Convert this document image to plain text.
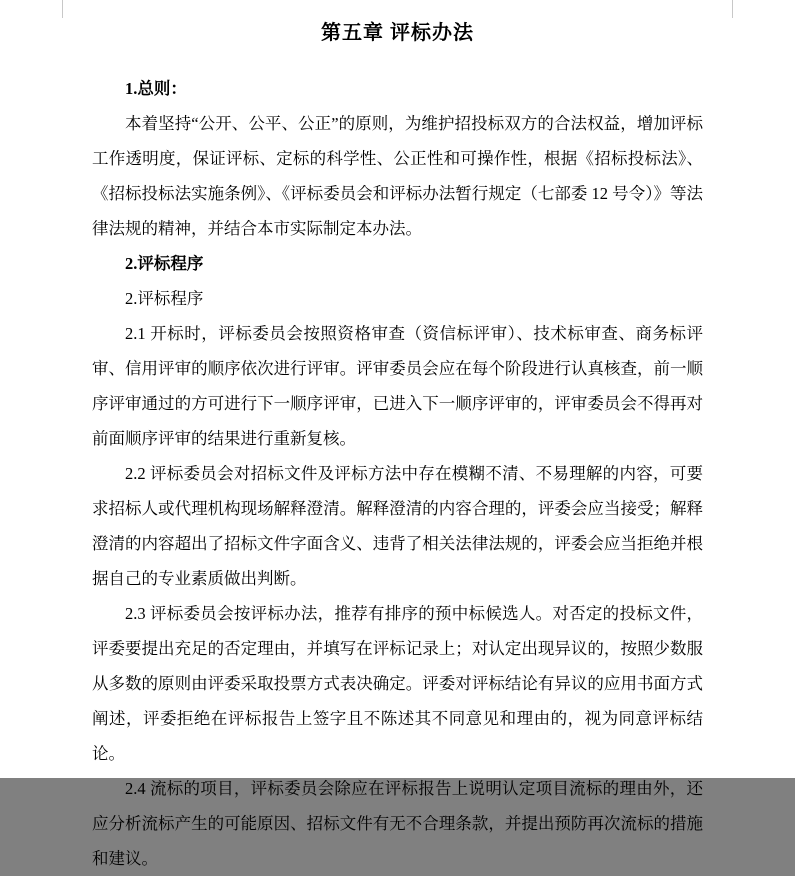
第五章 评标办法

1.总则：

本着坚持“公开、公平、公正”的原则，为维护招投标双方的合法权益，增加评标工作透明度，保证评标、定标的科学性、公正性和可操作性，根据《招标投标法》、《招标投标法实施条例》、《评标委员会和评标办法暂行规定（七部委 12 号令）》等法律法规的精神，并结合本市实际制定本办法。

2.评标程序

2.评标程序

2.1 开标时，评标委员会按照资格审查（资信标评审）、技术标审查、商务标评审、信用评审的顺序依次进行评审。评审委员会应在每个阶段进行认真核查，前一顺序评审通过的方可进行下一顺序评审，已进入下一顺序评审的，评审委员会不得再对前面顺序评审的结果进行重新复核。

2.2 评标委员会对招标文件及评标方法中存在模糊不清、不易理解的内容，可要求招标人或代理机构现场解释澄清。解释澄清的内容合理的，评委会应当接受；解释澄清的内容超出了招标文件字面含义、违背了相关法律法规的，评委会应当拒绝并根据自己的专业素质做出判断。

2.3 评标委员会按评标办法，推荐有排序的预中标候选人。对否定的投标文件，评委要提出充足的否定理由，并填写在评标记录上；对认定出现异议的，按照少数服从多数的原则由评委采取投票方式表决确定。评委对评标结论有异议的应用书面方式阐述，评委拒绝在评标报告上签字且不陈述其不同意见和理由的，视为同意评标结论。

2.4 流标的项目，评标委员会除应在评标报告上说明认定项目流标的理由外，还应分析流标产生的可能原因、招标文件有无不合理条款，并提出预防再次流标的措施和建议。
